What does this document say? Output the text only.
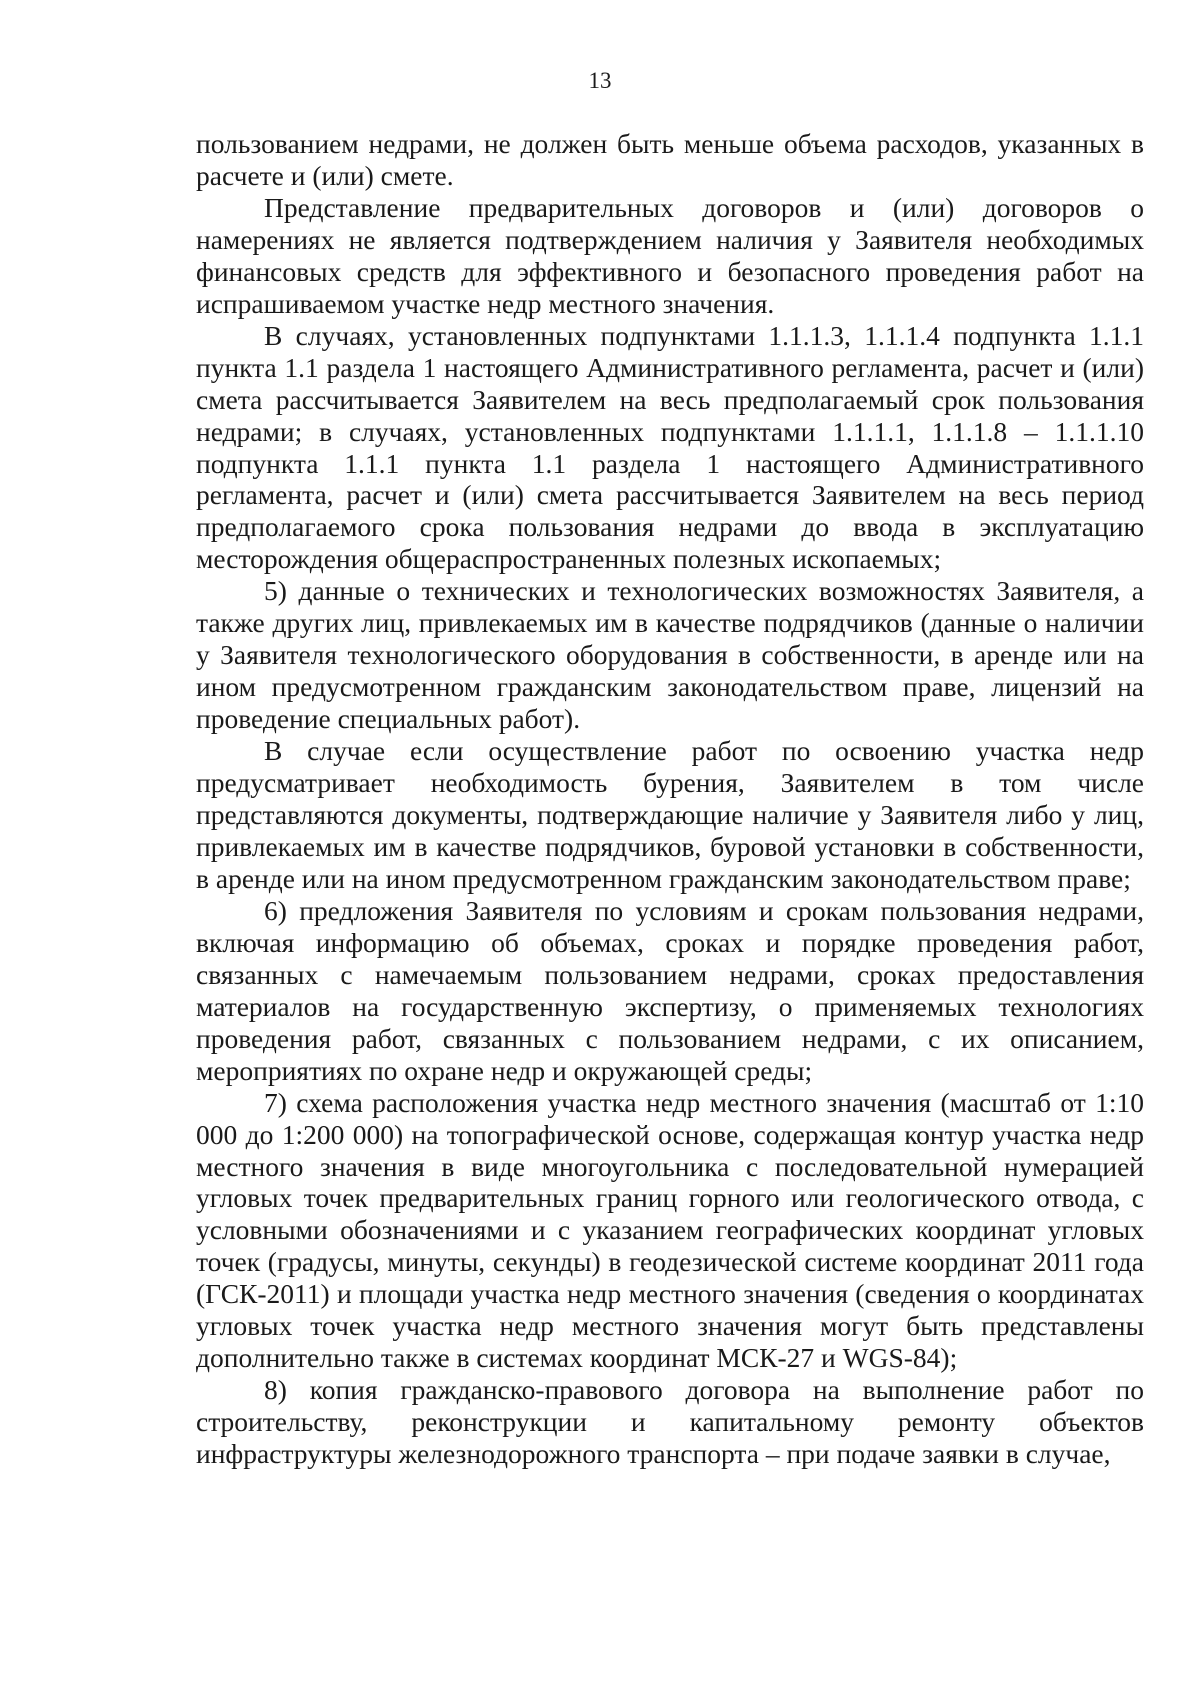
13

пользованием недрами, не должен быть меньше объема расходов, указанных в расчете и (или) смете.

Представление предварительных договоров и (или) договоров о намерениях не является подтверждением наличия у Заявителя необходимых финансовых средств для эффективного и безопасного проведения работ на испрашиваемом участке недр местного значения.

В случаях, установленных подпунктами 1.1.1.3, 1.1.1.4 подпункта 1.1.1 пункта 1.1 раздела 1 настоящего Административного регламента, расчет и (или) смета рассчитывается Заявителем на весь предполагаемый срок пользования недрами; в случаях, установленных подпунктами 1.1.1.1, 1.1.1.8 – 1.1.1.10 подпункта 1.1.1 пункта 1.1 раздела 1 настоящего Административного регламента, расчет и (или) смета рассчитывается Заявителем на весь период предполагаемого срока пользования недрами до ввода в эксплуатацию месторождения общераспространенных полезных ископаемых;

5) данные о технических и технологических возможностях Заявителя, а также других лиц, привлекаемых им в качестве подрядчиков (данные о наличии у Заявителя технологического оборудования в собственности, в аренде или на ином предусмотренном гражданским законодательством праве, лицензий на проведение специальных работ).

В случае если осуществление работ по освоению участка недр предусматривает необходимость бурения, Заявителем в том числе представляются документы, подтверждающие наличие у Заявителя либо у лиц, привлекаемых им в качестве подрядчиков, буровой установки в собственности, в аренде или на ином предусмотренном гражданским законодательством праве;

6) предложения Заявителя по условиям и срокам пользования недрами, включая информацию об объемах, сроках и порядке проведения работ, связанных с намечаемым пользованием недрами, сроках предоставления материалов на государственную экспертизу, о применяемых технологиях проведения работ, связанных с пользованием недрами, с их описанием, мероприятиях по охране недр и окружающей среды;

7) схема расположения участка недр местного значения (масштаб от 1:10 000 до 1:200 000) на топографической основе, содержащая контур участка недр местного значения в виде многоугольника с последовательной нумерацией угловых точек предварительных границ горного или геологического отвода, с условными обозначениями и с указанием географических координат угловых точек (градусы, минуты, секунды) в геодезической системе координат 2011 года (ГСК-2011) и площади участка недр местного значения (сведения о координатах угловых точек участка недр местного значения могут быть представлены дополнительно также в системах координат МСК-27 и WGS-84);

8) копия гражданско-правового договора на выполнение работ по строительству, реконструкции и капитальному ремонту объектов инфраструктуры железнодорожного транспорта – при подаче заявки в случае,
